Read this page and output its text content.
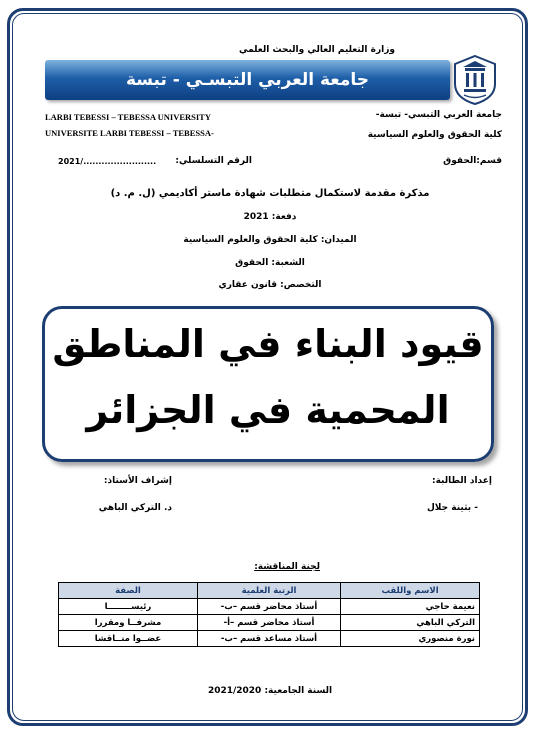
وزارة التعليم العالي والبحث العلمي
جامعة العربي التبسـي - تبسة
LARBI TEBESSI – TEBESSA UNIVERSITY
UNIVERSITE LARBI TEBESSI – TEBESSA-
جامعة العربي التبسي- تبسة-
كلية الحقوق والعلوم السياسية
قسم:الحقوق
الرقم التسلسلي:
2021/........................
مذكرة مقدمة لاستكمال متطلبات شهادة ماستر أكاديمي (ل. م. د)
دفعة: 2021
الميدان: كلية الحقوق والعلوم السياسية
الشعبة: الحقوق
التخصص: قانون عقاري
قيود البناء في المناطق
المحمية في الجزائر
إعداد الطالبة:
- بثينة جلال
إشراف الأستاذ:
د. التركي الباهي
لجنة المناقشة:
الاسم واللقب	الرتبة العلمية	الصفة
نعيمة حاجي	أستاذ محاضر قسم –ب-	رئيســــــــا
التركي الباهي	أستاذ محاضر قسم –أ-	مشرفــا ومقررا
نورة منصوري	أستاذ مساعد قسم –ب-	عضــوا منــاقشا
السنة الجامعية: 2021/2020
